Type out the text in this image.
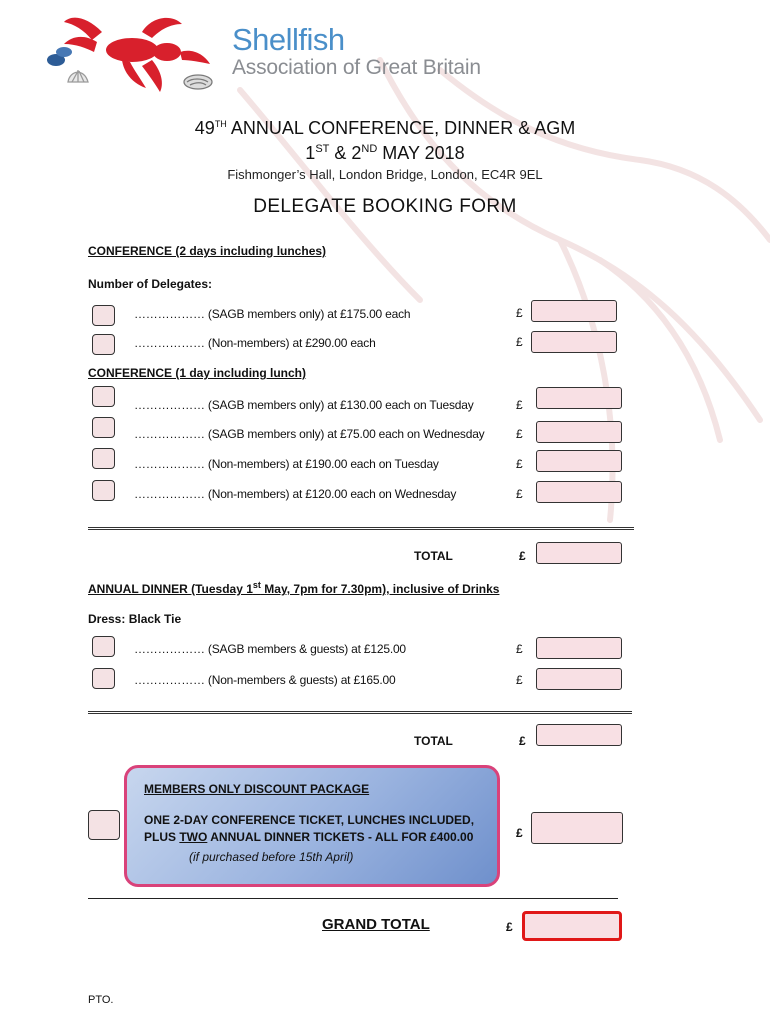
Shellfish
Association of Great Britain
49TH ANNUAL CONFERENCE, DINNER & AGM
1ST & 2ND MAY 2018
Fishmonger’s Hall, London Bridge, London, EC4R 9EL
DELEGATE BOOKING FORM
CONFERENCE (2 days including lunches)
Number of Delegates:
……………… (SAGB members only) at £175.00 each	£
……………… (Non-members) at £290.00 each	£
CONFERENCE (1 day including lunch)
……………… (SAGB members only) at £130.00 each on Tuesday	£
……………… (SAGB members only) at £75.00 each on Wednesday	£
……………… (Non-members) at £190.00 each on Tuesday	£
……………… (Non-members) at £120.00 each on Wednesday	£
TOTAL	£
ANNUAL DINNER (Tuesday 1st May, 7pm for 7.30pm), inclusive of Drinks
Dress: Black Tie
……………… (SAGB members & guests) at £125.00	£
……………… (Non-members & guests) at £165.00	£
TOTAL	£
MEMBERS ONLY DISCOUNT PACKAGE
ONE 2-DAY CONFERENCE TICKET, LUNCHES INCLUDED,
PLUS TWO ANNUAL DINNER TICKETS - ALL FOR £400.00
(if purchased before 15th April)
£
GRAND TOTAL	£
PTO.
